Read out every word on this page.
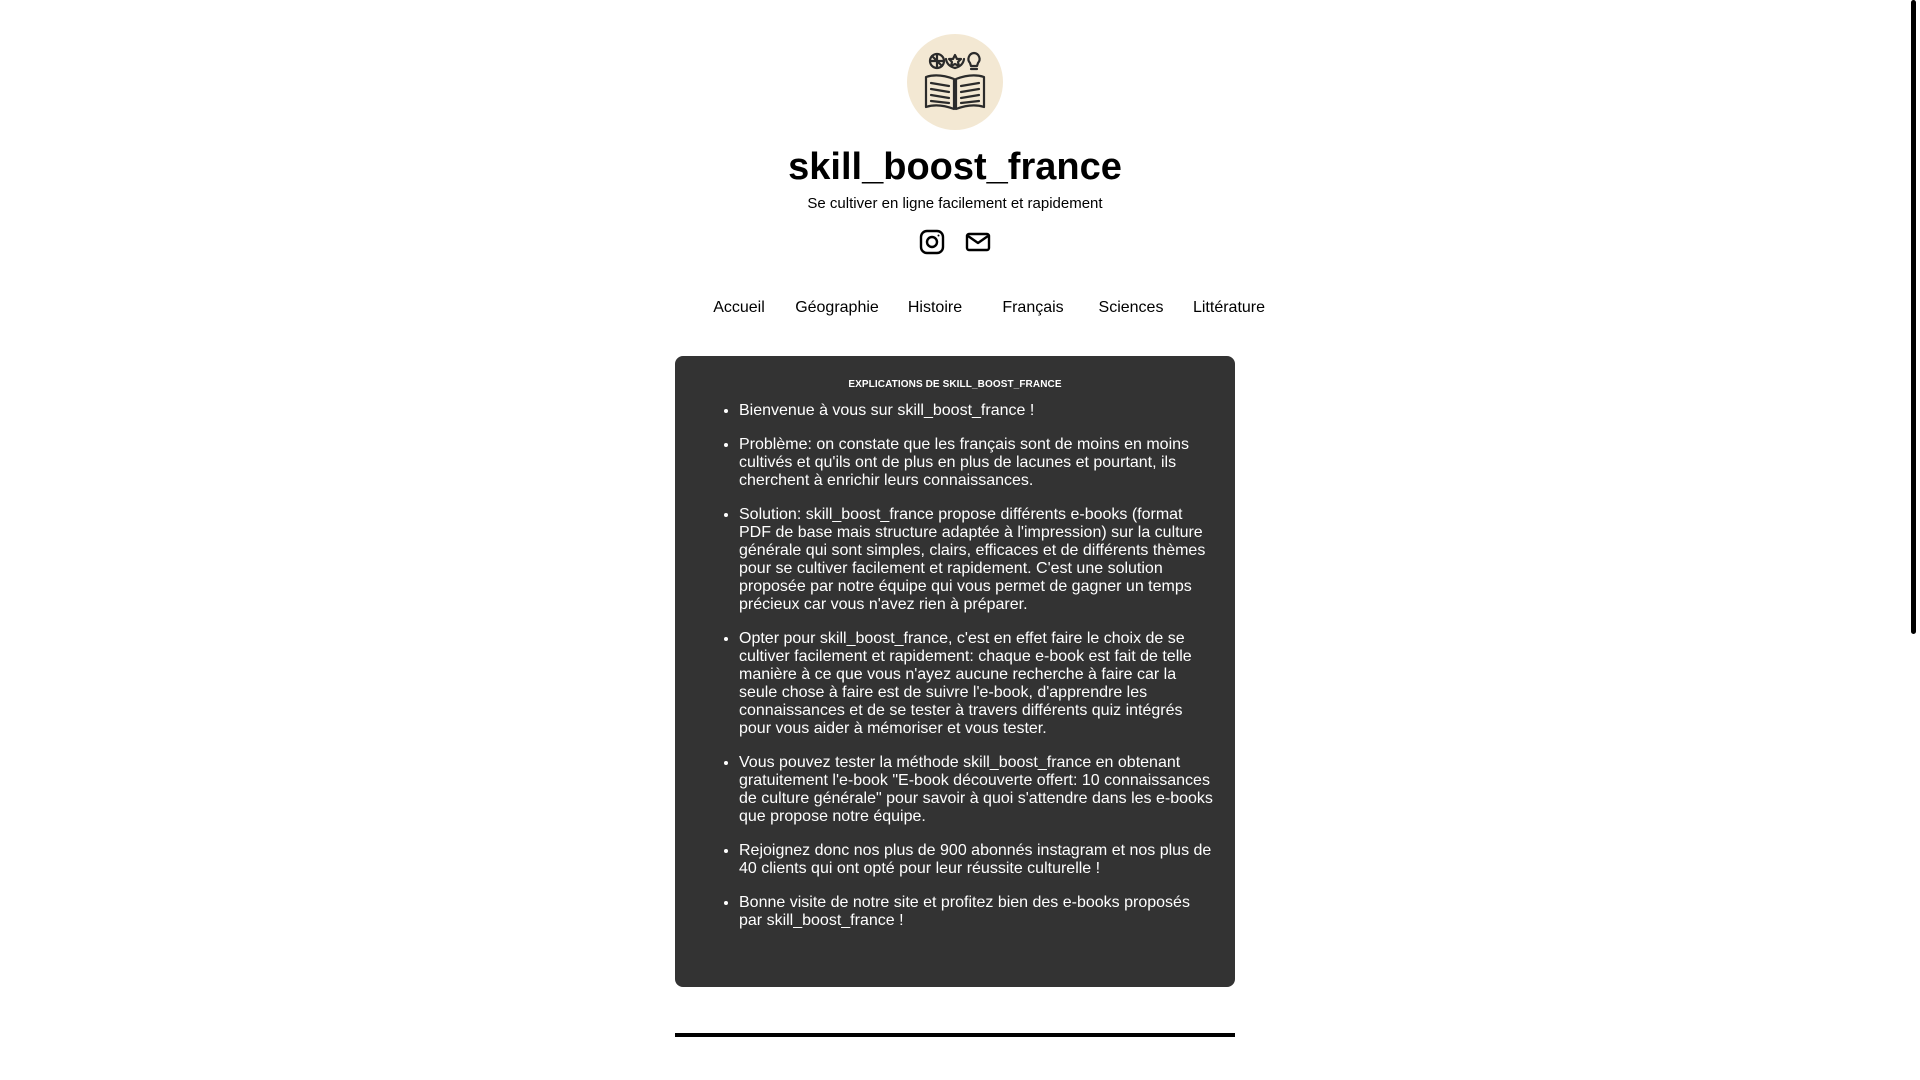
skill_boost_france
Se cultiver en ligne facilement et rapidement
Accueil Géographie Histoire	Français Sciences Littérature
EXPLICATIONS DE SKILL_BOOST_FRANCE
• Bienvenue à vous sur skill_boost_france !
• Problème: on constate que les français sont de moins en moins cultivés et qu'ils ont de plus en plus de lacunes et pourtant, ils cherchent à enrichir leurs connaissances.
• Solution: skill_boost_france propose différents e-books (format PDF de base mais structure adaptée à l'impression) sur la culture générale qui sont simples, clairs, efficaces et de différents thèmes pour se cultiver facilement et rapidement. C'est une solution proposée par notre équipe qui vous permet de gagner un temps précieux car vous n'avez rien à préparer.
• Opter pour skill_boost_france, c'est en effet faire le choix de se cultiver facilement et rapidement: chaque e-book est fait de telle manière à ce que vous n'ayez aucune recherche à faire car la seule chose à faire est de suivre l'e-book, d'apprendre les connaissances et de se tester à travers différents quiz intégrés pour vous aider à mémoriser et vous tester.
• Vous pouvez tester la méthode skill_boost_france en obtenant gratuitement l'e-book "E-book découverte offert: 10 connaissances de culture générale" pour savoir à quoi s'attendre dans les e-books que propose notre équipe.
• Rejoignez donc nos plus de 900 abonnés instagram et nos plus de 40 clients qui ont opté pour leur réussite culturelle !
• Bonne visite de notre site et profitez bien des e-books proposés par skill_boost_france !
